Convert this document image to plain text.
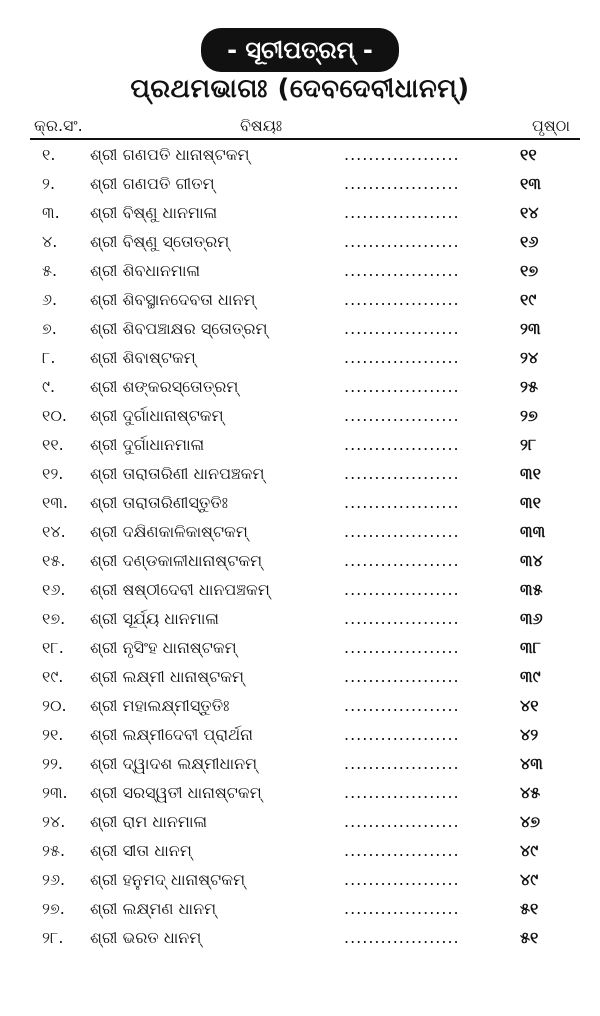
- ସୂଚୀପତ୍ରମ୍ -
ପ୍ରଥମଭାଗଃ (ଦେବଦେବୀଧାନମ୍)
କ୍ର.ସଂ.	ବିଷୟଃ	ପୃଷ୍ଠା
୧. ଶ୍ରୀ ଗଣପତି ଧାନାଷ୍ଟକମ୍	...................	୧୧
୨. ଶ୍ରୀ ଗଣପତି ଗୀତମ୍	...................	୧୩
୩. ଶ୍ରୀ ବିଷ୍ଣୁ ଧାନମାଳା	...................	୧୪
୪. ଶ୍ରୀ ବିଷ୍ଣୁ ସ୍ତୋତ୍ରମ୍	...................	୧୬
୫. ଶ୍ରୀ ଶିବଧାନମାଳା	...................	୧୭
୬. ଶ୍ରୀ ଶିବସ୍ଥାନଦେବତା ଧାନମ୍	...................	୧୯
୭. ଶ୍ରୀ ଶିବପଞ୍ଚାକ୍ଷର ସ୍ତୋତ୍ରମ୍	...................	୨୩
୮. ଶ୍ରୀ ଶିବାଷ୍ଟକମ୍	...................	୨୪
୯. ଶ୍ରୀ ଶଙ୍କରସ୍ତୋତ୍ରମ୍	...................	୨୫
୧୦. ଶ୍ରୀ ଦୁର୍ଗାଧାନାଷ୍ଟକମ୍	...................	୨୭
୧୧. ଶ୍ରୀ ଦୁର୍ଗାଧାନମାଳା	...................	୨୮
୧୨. ଶ୍ରୀ ତାରାତାରିଣୀ ଧାନପଞ୍ଚକମ୍	...................	୩୧
୧୩. ଶ୍ରୀ ତାରାତାରିଣୀସ୍ତୁତିଃ	...................	୩୧
୧୪. ଶ୍ରୀ ଦକ୍ଷିଣକାଳିକାଷ୍ଟକମ୍	...................	୩୩
୧୫. ଶ୍ରୀ ଦଣ୍ଡକାଳୀଧାନାଷ୍ଟକମ୍	...................	୩୪
୧୬. ଶ୍ରୀ ଷଷ୍ଠୀଦେବୀ ଧାନପଞ୍ଚକମ୍	...................	୩୫
୧୭. ଶ୍ରୀ ସୂର୍ଯ୍ୟ ଧାନମାଳା	...................	୩୬
୧୮. ଶ୍ରୀ ନୃସିଂହ ଧାନାଷ୍ଟକମ୍	...................	୩୮
୧୯. ଶ୍ରୀ ଲକ୍ଷ୍ମୀ ଧାନାଷ୍ଟକମ୍	...................	୩୯
୨୦. ଶ୍ରୀ ମହାଲକ୍ଷ୍ମୀସ୍ତୁତିଃ	...................	୪୧
୨୧. ଶ୍ରୀ ଲକ୍ଷ୍ମୀଦେବୀ ପ୍ରାର୍ଥନା	...................	୪୨
୨୨. ଶ୍ରୀ ଦ୍ୱାଦଶ ଲକ୍ଷ୍ମୀଧାନମ୍	...................	୪୩
୨୩. ଶ୍ରୀ ସରସ୍ୱତୀ ଧାନାଷ୍ଟକମ୍	...................	୪୫
୨୪. ଶ୍ରୀ ରାମ ଧାନମାଳା	...................	୪୭
୨୫. ଶ୍ରୀ ସୀତା ଧାନମ୍	...................	୪୯
୨୬. ଶ୍ରୀ ହନୁମଦ୍ ଧାନାଷ୍ଟକମ୍	...................	୪୯
୨୭. ଶ୍ରୀ ଲକ୍ଷ୍ମଣ ଧାନମ୍	...................	୫୧
୨୮. ଶ୍ରୀ ଭରତ ଧାନମ୍	...................	୫୧
